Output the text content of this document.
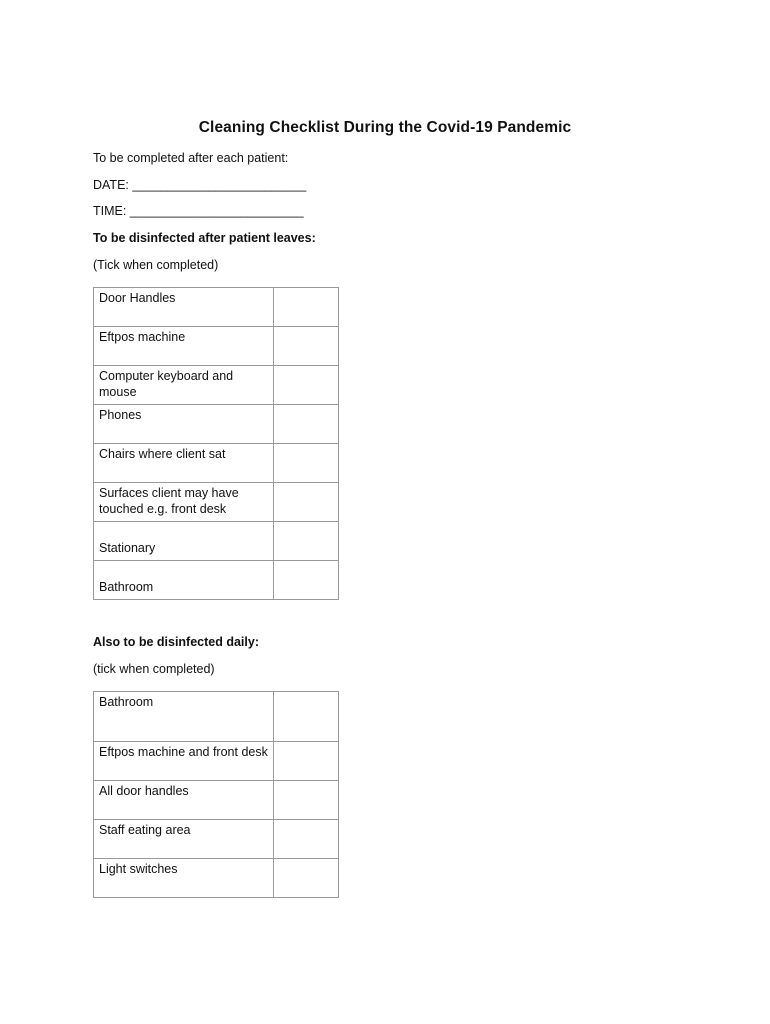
Cleaning Checklist During the Covid-19 Pandemic
To be completed after each patient:
DATE: _________________________
TIME: _________________________
To be disinfected after patient leaves:
(Tick when completed)
Door Handles	
Eftpos machine	
Computer keyboard and mouse	
Phones	
Chairs where client sat	
Surfaces client may have touched e.g. front desk	
Stationary	
Bathroom	
Also to be disinfected daily:
(tick when completed)
Bathroom	
Eftpos machine and front desk	
All door handles	
Staff eating area	
Light switches	
